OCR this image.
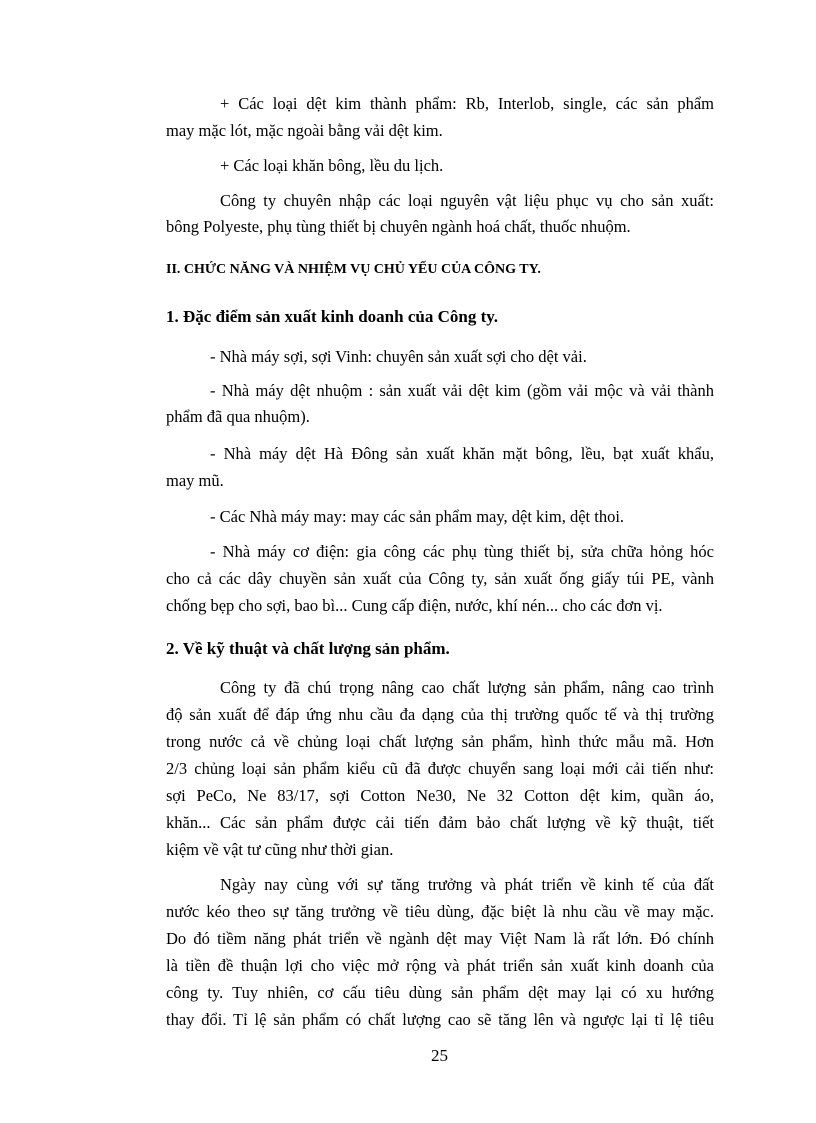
+ Các loại dệt kim thành phẩm: Rb, Interlob, single, các sản phẩm
may mặc lót, mặc ngoài bằng vải dệt kim.
+ Các loại khăn bông, lều du lịch.
Công ty chuyên nhập các loại nguyên vật liệu phục vụ cho sản xuất:
bông Polyeste, phụ tùng thiết bị chuyên ngành hoá chất, thuốc nhuộm.
II. CHỨC NĂNG VÀ NHIỆM VỤ CHỦ YẾU CỦA CÔNG TY.
1. Đặc điểm sản xuất kinh doanh của Công ty.
- Nhà máy sợi, sợi Vinh: chuyên sản xuất sợi cho dệt vải.
- Nhà máy dệt nhuộm : sản xuất vải dệt kim (gồm vải mộc và vải thành
phẩm đã qua nhuộm).
- Nhà máy dệt Hà Đông sản xuất khăn mặt bông, lều, bạt xuất khẩu,
may mũ.
- Các Nhà máy may: may các sản phẩm may, dệt kim, dệt thoi.
- Nhà máy cơ điện: gia công các phụ tùng thiết bị, sửa chữa hỏng hóc
cho cả các dây chuyền sản xuất của Công ty, sản xuất ống giấy túi PE, vành
chống bẹp cho sợi, bao bì... Cung cấp điện, nước, khí nén... cho các đơn vị.
2. Về kỹ thuật và chất lượng sản phẩm.
Công ty đã chú trọng nâng cao chất lượng sản phẩm, nâng cao trình
độ sản xuất để đáp ứng nhu cầu đa dạng của thị trường quốc tế và thị trường
trong nước cả về chủng loại chất lượng sản phẩm, hình thức mẫu mã. Hơn
2/3 chủng loại sản phẩm kiểu cũ đã được chuyển sang loại mới cải tiến như:
sợi PeCo, Ne 83/17, sợi Cotton Ne30, Ne 32 Cotton dệt kim, quần áo,
khăn... Các sản phẩm được cải tiến đảm bảo chất lượng về kỹ thuật, tiết
kiệm về vật tư cũng như thời gian.
Ngày nay cùng với sự tăng trưởng và phát triển về kinh tế của đất
nước kéo theo sự tăng trưởng về tiêu dùng, đặc biệt là nhu cầu về may mặc.
Do đó tiềm năng phát triển về ngành dệt may Việt Nam là rất lớn. Đó chính
là tiền đề thuận lợi cho việc mở rộng và phát triển sản xuất kinh doanh của
công ty. Tuy nhiên, cơ cấu tiêu dùng sản phẩm dệt may lại có xu hướng
thay đổi. Tỉ lệ sản phẩm có chất lượng cao sẽ tăng lên và ngược lại tỉ lệ tiêu
25
